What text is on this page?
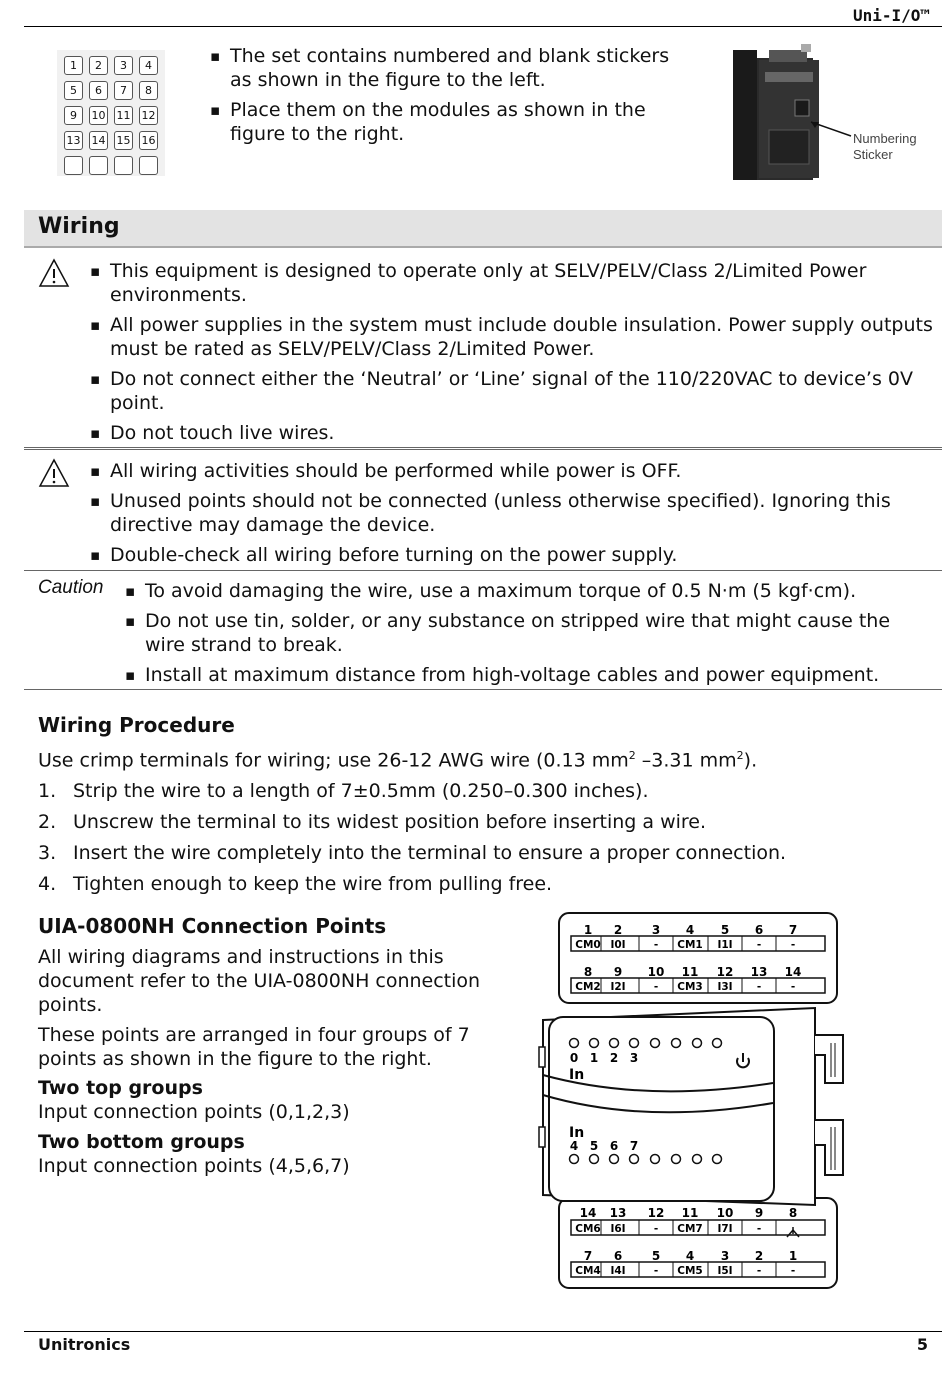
Uni-I/O™
1	2	3	4
5	6	7	8
9	10 11 12
13 14 15 16
▪ The set contains numbered and blank stickers as shown in the figure to the left.
▪ Place them on the modules as shown in the figure to the right.	Numbering
Sticker
Wiring
▪ This equipment is designed to operate only at SELV/PELV/Class 2/Limited Power environments.
▪ All power supplies in the system must include double insulation. Power supply outputs must be rated as SELV/PELV/Class 2/Limited Power.
▪ Do not connect either the ‘Neutral’ or ‘Line’ signal of the 110/220VAC to device’s 0V point.
▪ Do not touch live wires.
▪ All wiring activities should be performed while power is OFF.
▪ Unused points should not be connected (unless otherwise specified). Ignoring this directive may damage the device.
▪ Double-check all wiring before turning on the power supply.
Caution
▪	To avoid damaging the wire, use a maximum torque of 0.5 N·m (5 kgf·cm).
▪ Do not use tin, solder, or any substance on stripped wire that might cause the wire strand to break.
▪ Install at maximum distance from high-voltage cables and power equipment.
Wiring Procedure
Use crimp terminals for wiring; use 26-12 AWG wire (0.13 $mm^2$ –3.31 $mm^2$).
1. Strip the wire to a length of 7±0.5mm (0.250–0.300 inches).
2. Unscrew the terminal to its widest position before inserting a wire.
3. Insert the wire completely into the terminal to ensure a proper connection.
4. Tighten enough to keep the wire from pulling free.
UIA-0800NH Connection Points
All wiring diagrams and instructions in this document refer to the UIA-0800NH connection points.
These points are arranged in four groups of 7 points as shown in the figure to the right.
Two top groups
Input connection points (0,1,2,3)
Two bottom groups
Input connection points (4,5,6,7)
1
CM0
2
I0I
3
-
4
CM1
5
I1I
6
-
7
-
8
CM2
9
I2I
10
-
11
CM3
12
I3I
13
-
14
-
14
CM6
13
I6I
12
-
11
CM7
10
I7I
9
-
8
7
CM4
6
I4I
5
-
4
CM5
3
I5I
2
-
1
-
0
4
1
5
2
6
3
7
In
In
Unitronics	5
